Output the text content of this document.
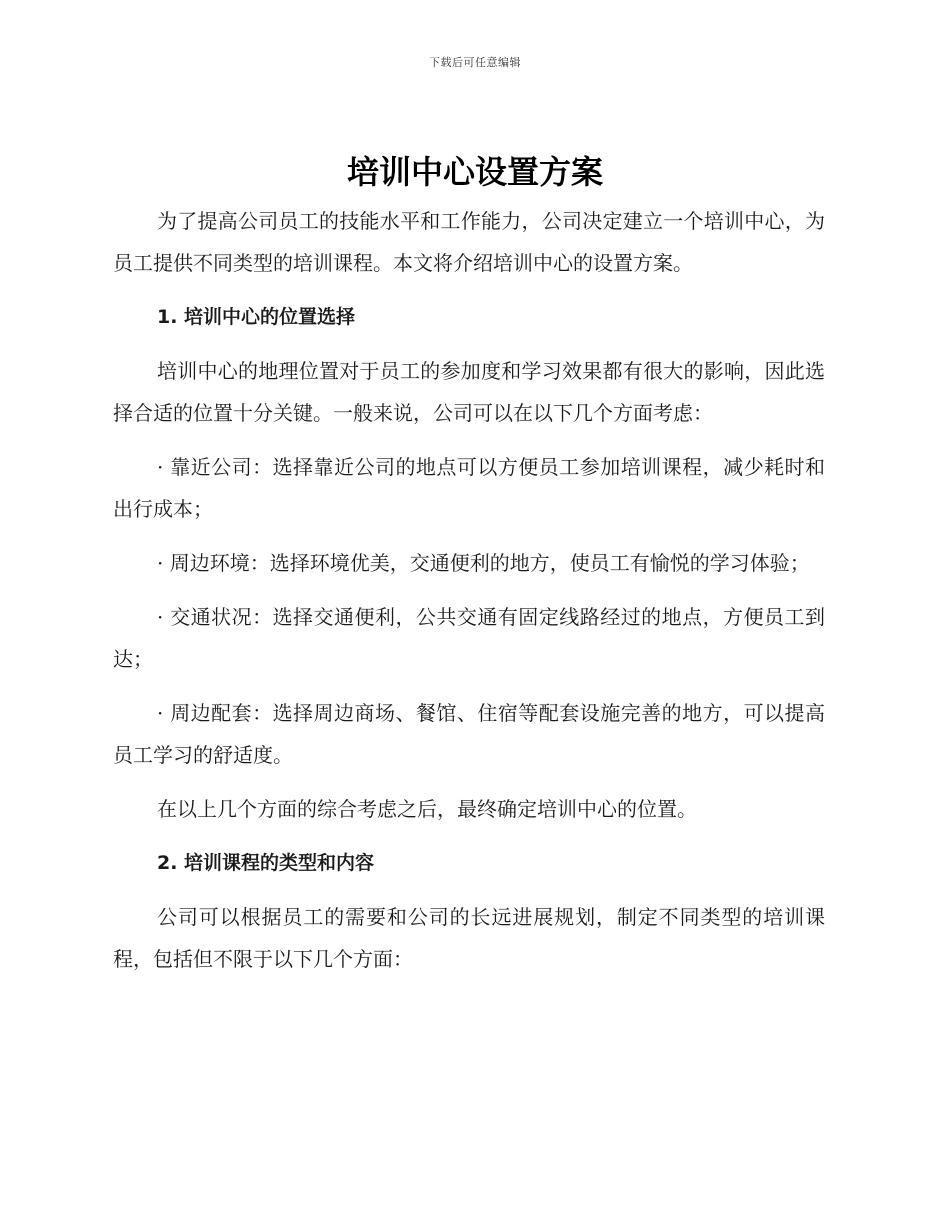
下载后可任意编辑
培训中心设置方案

为了提高公司员工的技能水平和工作能力，公司决定建立一个培训中心，为员工提供不同类型的培训课程。本文将介绍培训中心的设置方案。

1. 培训中心的位置选择

培训中心的地理位置对于员工的参加度和学习效果都有很大的影响，因此选择合适的位置十分关键。一般来说，公司可以在以下几个方面考虑：

· 靠近公司：选择靠近公司的地点可以方便员工参加培训课程，减少耗时和出行成本；

· 周边环境：选择环境优美，交通便利的地方，使员工有愉悦的学习体验；

· 交通状况：选择交通便利，公共交通有固定线路经过的地点，方便员工到达；

· 周边配套：选择周边商场、餐馆、住宿等配套设施完善的地方，可以提高员工学习的舒适度。

在以上几个方面的综合考虑之后，最终确定培训中心的位置。

2. 培训课程的类型和内容

公司可以根据员工的需要和公司的长远进展规划，制定不同类型的培训课程，包括但不限于以下几个方面：
